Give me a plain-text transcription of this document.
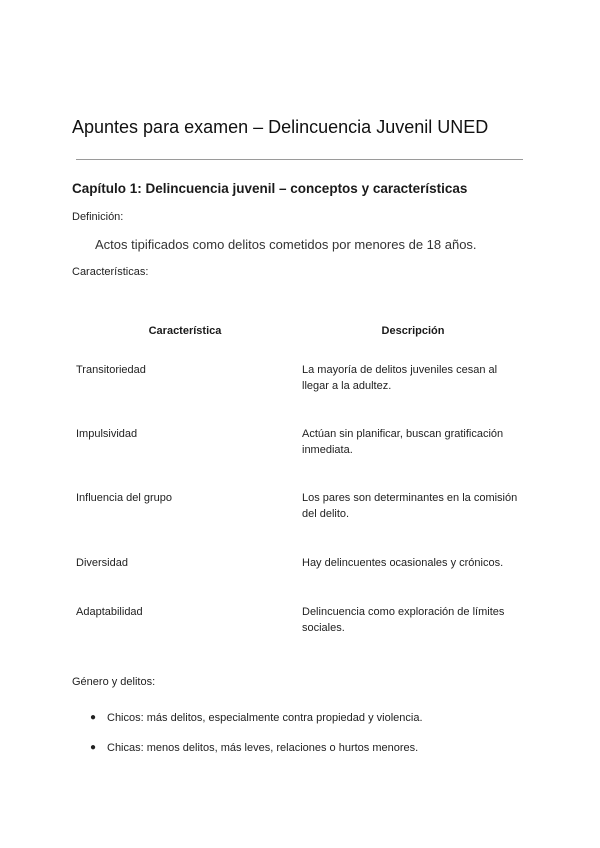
Apuntes para examen – Delincuencia Juvenil UNED
Capítulo 1: Delincuencia juvenil – conceptos y características

Definición:

Actos tipificados como delitos cometidos por menores de 18 años.

Características:

Característica	Descripción
Transitoriedad	La mayoría de delitos juveniles cesan al llegar a la adultez.
Impulsividad	Actúan sin planificar, buscan gratificación inmediata.
Influencia del grupo	Los pares son determinantes en la comisión del delito.
Diversidad	Hay delincuentes ocasionales y crónicos.
Adaptabilidad	Delincuencia como exploración de límites sociales.

Género y delitos:

● Chicos: más delitos, especialmente contra propiedad y violencia.
● Chicas: menos delitos, más leves, relaciones o hurtos menores.
